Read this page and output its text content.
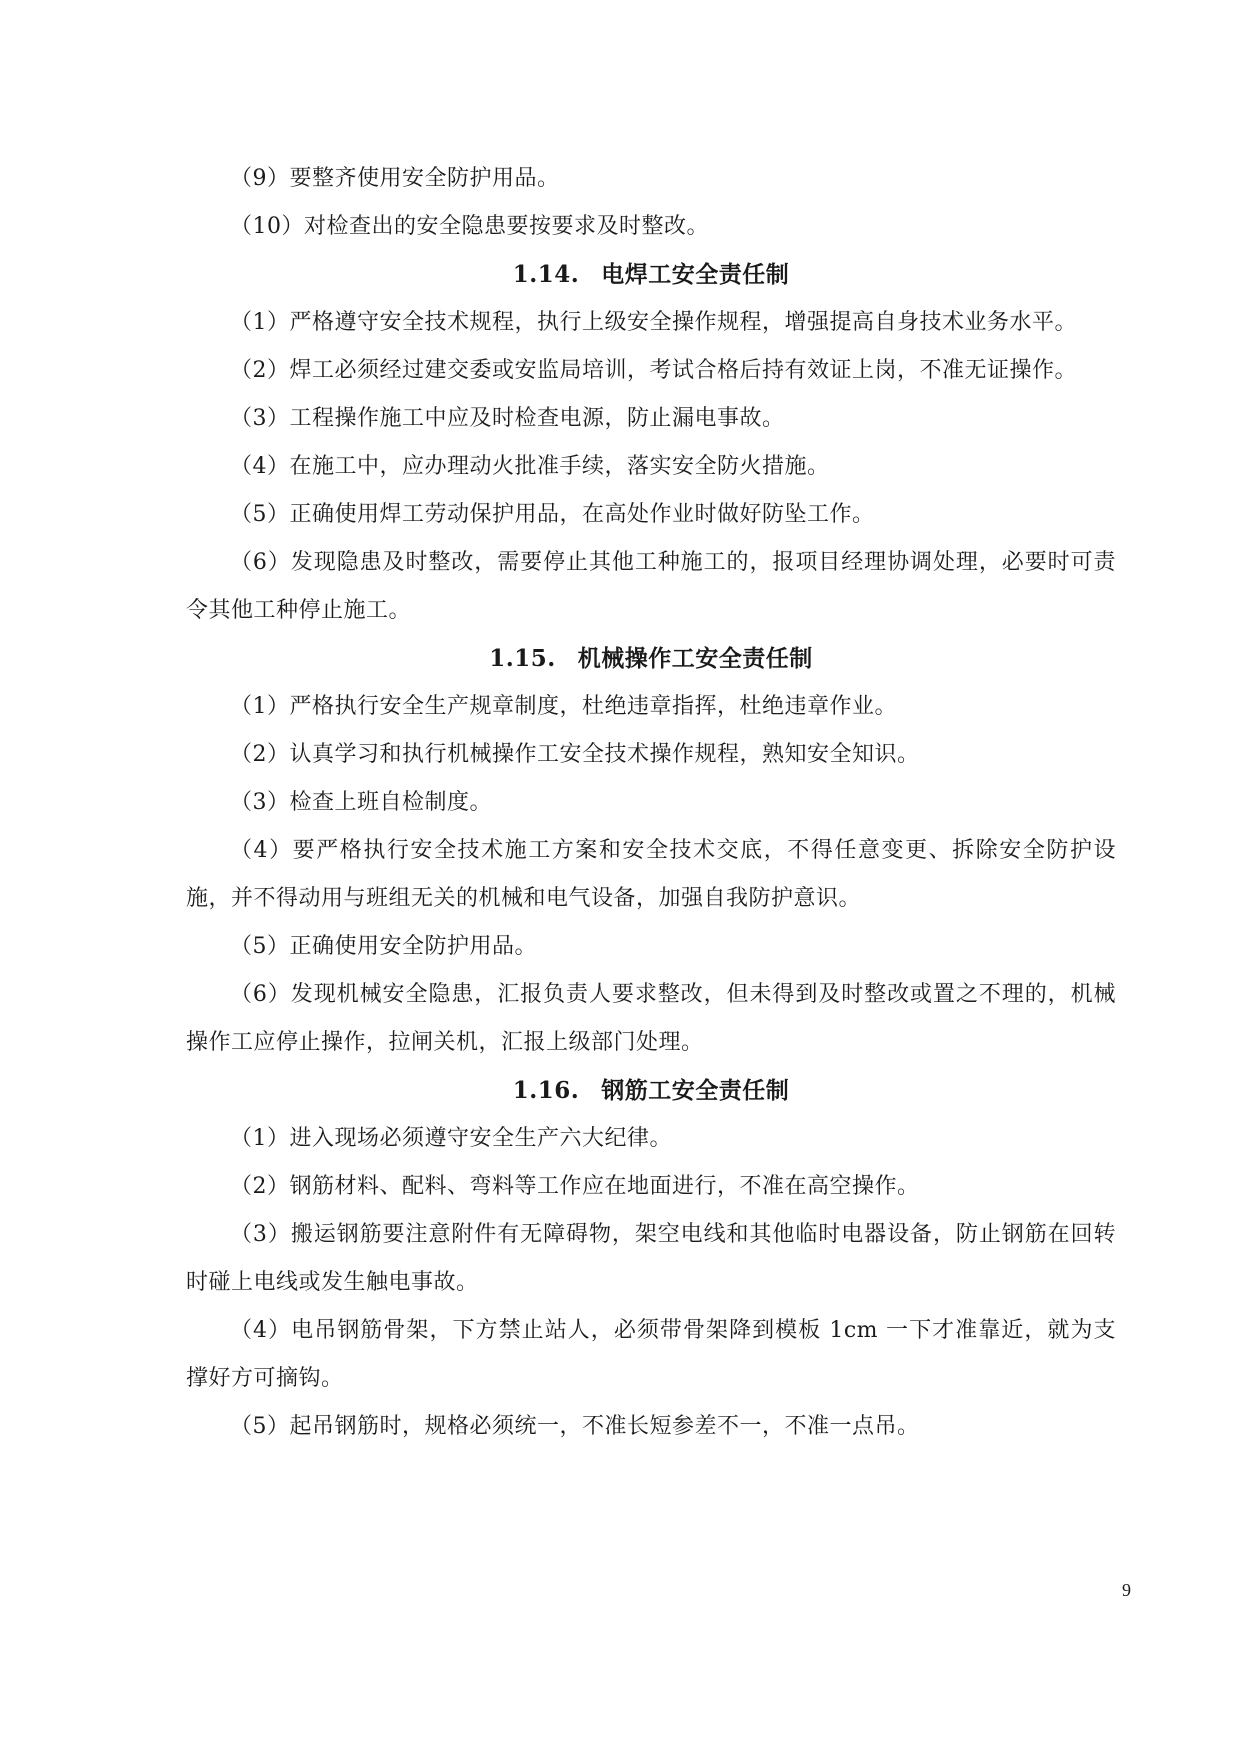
（9）要整齐使用安全防护用品。

（10）对检查出的安全隐患要按要求及时整改。

1.14. 电焊工安全责任制

（1）严格遵守安全技术规程，执行上级安全操作规程，增强提高自身技术业务水平。

（2）焊工必须经过建交委或安监局培训，考试合格后持有效证上岗，不准无证操作。

（3）工程操作施工中应及时检查电源，防止漏电事故。

（4）在施工中，应办理动火批准手续，落实安全防火措施。

（5）正确使用焊工劳动保护用品，在高处作业时做好防坠工作。

（6）发现隐患及时整改，需要停止其他工种施工的，报项目经理协调处理，必要时可责令其他工种停止施工。

1.15. 机械操作工安全责任制

（1）严格执行安全生产规章制度，杜绝违章指挥，杜绝违章作业。

（2）认真学习和执行机械操作工安全技术操作规程，熟知安全知识。

（3）检查上班自检制度。

（4）要严格执行安全技术施工方案和安全技术交底，不得任意变更、拆除安全防护设施，并不得动用与班组无关的机械和电气设备，加强自我防护意识。

（5）正确使用安全防护用品。

（6）发现机械安全隐患，汇报负责人要求整改，但未得到及时整改或置之不理的，机械操作工应停止操作，拉闸关机，汇报上级部门处理。

1.16. 钢筋工安全责任制

（1）进入现场必须遵守安全生产六大纪律。

（2）钢筋材料、配料、弯料等工作应在地面进行，不准在高空操作。

（3）搬运钢筋要注意附件有无障碍物，架空电线和其他临时电器设备，防止钢筋在回转时碰上电线或发生触电事故。

（4）电吊钢筋骨架，下方禁止站人，必须带骨架降到模板 1cm 一下才准靠近，就为支撑好方可摘钩。

（5）起吊钢筋时，规格必须统一，不准长短参差不一，不准一点吊。

9
